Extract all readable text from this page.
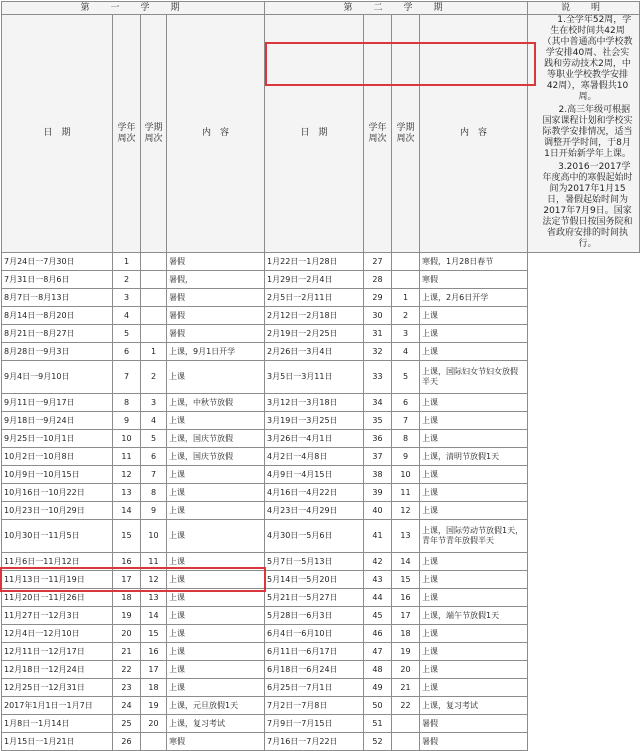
第　一　学　期				第　二　学　期				说　明
日　期	学年周次	学期周次	内　容	日　期	学年周次	学期周次	内　容	1.全学年52周，学生在校时间共42周（其中普通高中学校教学安排40周、社会实践和劳动技术2周，中等职业学校教学安排42周），寒暑假共10周。

2.高三年级可根据国家课程计划和学校实际教学安排情况，适当调整开学时间，于8月1日开始新学年上课。

3.2016一2017学年度高中的寒假起始时间为2017年1月15日，暑假起始时间为2017年7月9日。国家法定节假日按国务院和省政府安排的时间执行。

7月24日一7月30日	1		暑假	1月22日一1月28日	27		寒假，1月28日春节	
7月31日一8月6日	2		暑假，	1月29日一2月4日	28		寒假	
8月7日一8月13日	3		暑假	2月5日一2月11日	29	1	上课，2月6日开学	
8月14日一8月20日	4		暑假	2月12日一2月18日	30	2	上课	
8月21日一8月27日	5		暑假	2月19日一2月25日	31	3	上课	
8月28日一9月3日	6	1	上课，9月1日开学	2月26日一3月4日	32	4	上课	
9月4日一9月10日	7	2	上课	3月5日一3月11日	33	5	上课，国际妇女节妇女放假半天	
9月11日一9月17日	8	3	上课，中秋节放假	3月12日一3月18日	34	6	上课	
9月18日一9月24日	9	4	上课	3月19日一3月25日	35	7	上课	
9月25日一10月1日	10	5	上课，国庆节放假	3月26日一4月1日	36	8	上课	
10月2日一10月8日	11	6	上课，国庆节放假	4月2日一4月8日	37	9	上课，清明节放假1天	
10月9日一10月15日	12	7	上课	4月9日一4月15日	38	10	上课	
10月16日一10月22日	13	8	上课	4月16日一4月22日	39	11	上课	
10月23日一10月29日	14	9	上课	4月23日一4月29日	40	12	上课	
10月30日一11月5日	15	10	上课	4月30日一5月6日	41	13	上课，国际劳动节放假1天，青年节青年放假半天	
11月6日一11月12日	16	11	上课	5月7日一5月13日	42	14	上课	
11月13日一11月19日	17	12	上课	5月14日一5月20日	43	15	上课	
11月20日一11月26日	18	13	上课	5月21日一5月27日	44	16	上课	
11月27日一12月3日	19	14	上课	5月28日一6月3日	45	17	上课，端午节放假1天	
12月4日一12月10日	20	15	上课	6月4日一6月10日	46	18	上课	
12月11日一12月17日	21	16	上课	6月11日一6月17日	47	19	上课	
12月18日一12月24日	22	17	上课	6月18日一6月24日	48	20	上课	
12月25日一12月31日	23	18	上课	6月25日一7月1日	49	21	上课	
2017年1月1日一1月7日	24	19	上课，元旦放假1天	7月2日一7月8日	50	22	上课，复习考试	
1月8日一1月14日	25	20	上课，复习考试	7月9日一7月15日	51		暑假	
1月15日一1月21日	26		寒假	7月16日一7月22日	52		暑假	
